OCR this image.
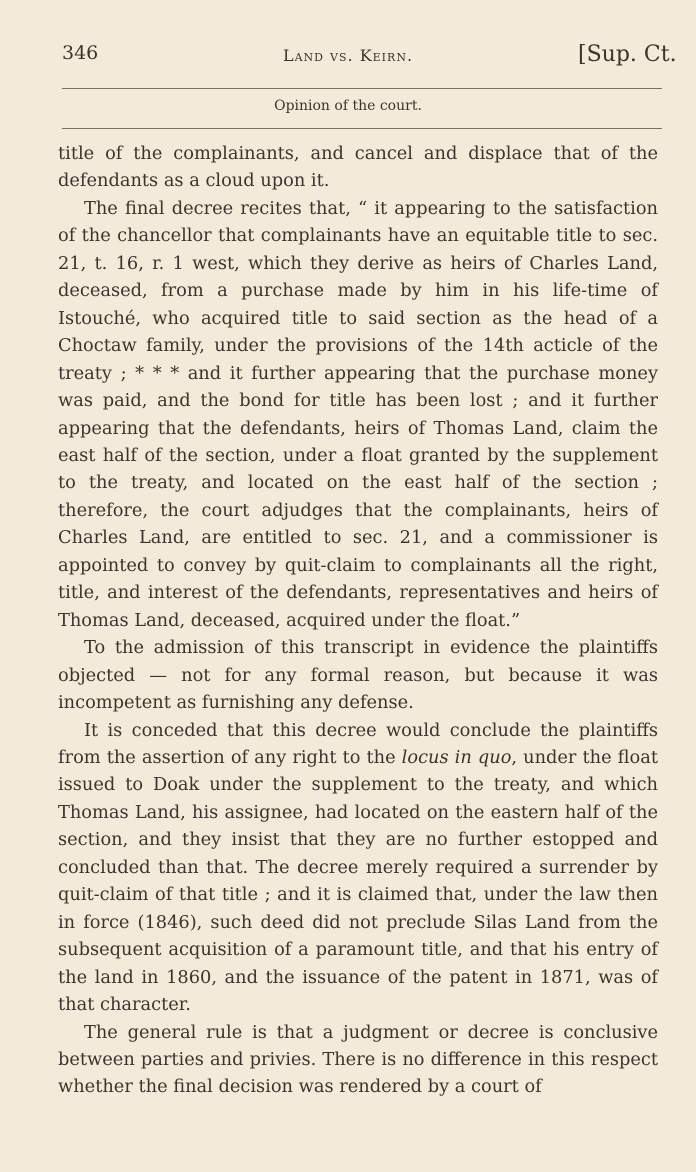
346	Land vs. Keirn.	[Sup. Ct.
Opinion of the court.

title of the complainants, and cancel and displace that of the defendants as a cloud upon it.

The final decree recites that, “ it appearing to the satisfaction of the chancellor that complainants have an equitable title to sec. 21, t. 16, r. 1 west, which they derive as heirs of Charles Land, deceased, from a purchase made by him in his life-time of Istouché, who acquired title to said section as the head of a Choctaw family, under the provisions of the 14th acticle of the treaty ; * * * and it further appearing that the purchase money was paid, and the bond for title has been lost ; and it further appearing that the defendants, heirs of Thomas Land, claim the east half of the section, under a float granted by the supplement to the treaty, and located on the east half of the section ; therefore, the court adjudges that the complainants, heirs of Charles Land, are entitled to sec. 21, and a commissioner is appointed to convey by quit-claim to complainants all the right, title, and interest of the defendants, representatives and heirs of Thomas Land, deceased, acquired under the float.”

To the admission of this transcript in evidence the plaintiffs objected — not for any formal reason, but because it was incompetent as furnishing any defense.

It is conceded that this decree would conclude the plaintiffs from the assertion of any right to the locus in quo, under the float issued to Doak under the supplement to the treaty, and which Thomas Land, his assignee, had located on the eastern half of the section, and they insist that they are no further estopped and concluded than that. The decree merely required a surrender by quit-claim of that title ; and it is claimed that, under the law then in force (1846), such deed did not preclude Silas Land from the subsequent acquisition of a paramount title, and that his entry of the land in 1860, and the issuance of the patent in 1871, was of that character.

The general rule is that a judgment or decree is conclusive between parties and privies. There is no difference in this respect whether the final decision was rendered by a court of
